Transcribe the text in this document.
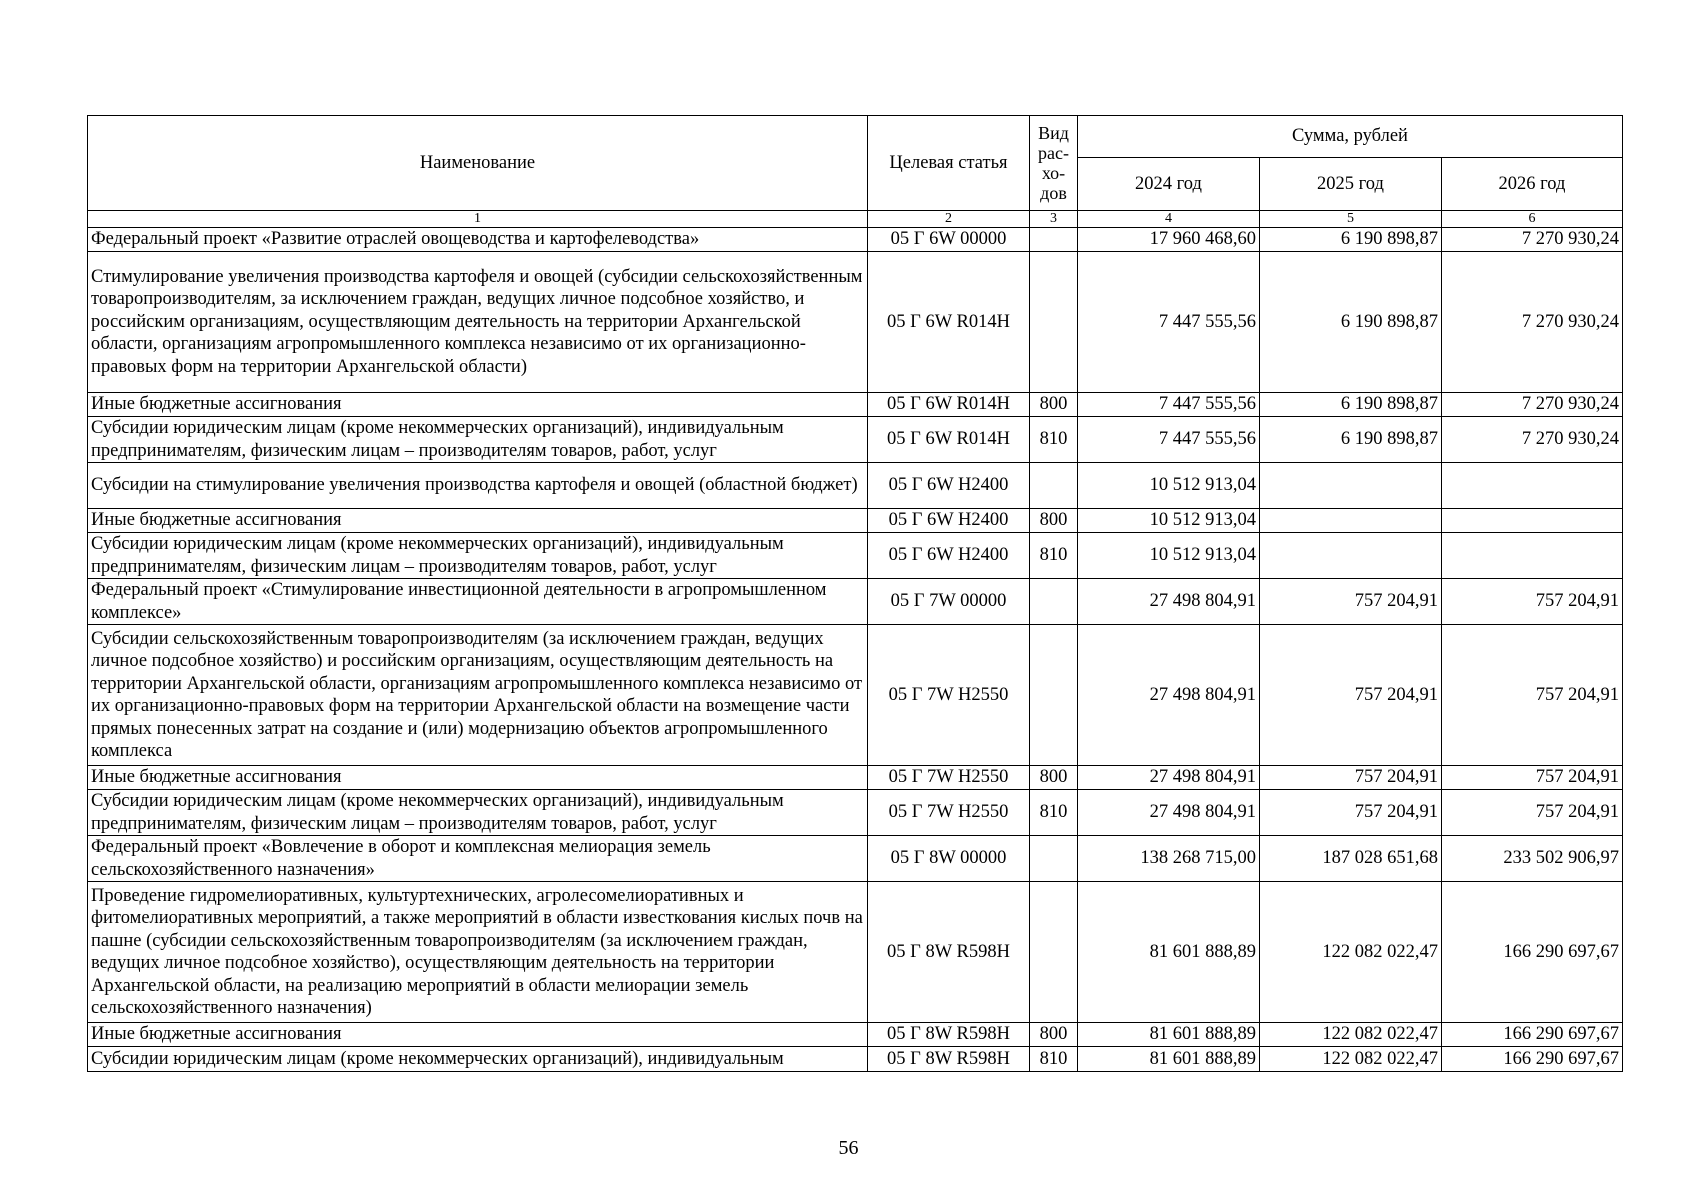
Наименование	Целевая статья	Вид рас-хо-дов	Сумма, рублей		
			2024 год	2025 год	2026 год
1	2	3	4	5	6
Федеральный проект «Развитие отраслей овощеводства и картофелеводства»	05 Г 6W 00000		17 960 468,60	6 190 898,87	7 270 930,24
Стимулирование увеличения производства картофеля и овощей (субсидии сельскохозяйственным товаропроизводителям, за исключением граждан, ведущих личное подсобное хозяйство, и российским организациям, осуществляющим деятельность на территории Архангельской области, организациям агропромышленного комплекса независимо от их организационно-правовых форм на территории Архангельской области)	05 Г 6W R014Н		7 447 555,56	6 190 898,87	7 270 930,24
Иные бюджетные ассигнования	05 Г 6W R014Н	800	7 447 555,56	6 190 898,87	7 270 930,24
Субсидии юридическим лицам (кроме некоммерческих организаций), индивидуальным предпринимателям, физическим лицам – производителям товаров, работ, услуг	05 Г 6W R014Н	810	7 447 555,56	6 190 898,87	7 270 930,24
Субсидии на стимулирование увеличения производства картофеля и овощей (областной бюджет)	05 Г 6W Н2400		10 512 913,04		
Иные бюджетные ассигнования	05 Г 6W Н2400	800	10 512 913,04		
Субсидии юридическим лицам (кроме некоммерческих организаций), индивидуальным предпринимателям, физическим лицам – производителям товаров, работ, услуг	05 Г 6W Н2400	810	10 512 913,04		
Федеральный проект «Стимулирование инвестиционной деятельности в агропромышленном комплексе»	05 Г 7W 00000		27 498 804,91	757 204,91	757 204,91
Субсидии сельскохозяйственным товаропроизводителям (за исключением граждан, ведущих личное подсобное хозяйство) и российским организациям, осуществляющим деятельность на территории Архангельской области, организациям агропромышленного комплекса независимо от их организационно-правовых форм на территории Архангельской области на возмещение части прямых понесенных затрат на создание и (или) модернизацию объектов агропромышленного комплекса	05 Г 7W Н2550		27 498 804,91	757 204,91	757 204,91
Иные бюджетные ассигнования	05 Г 7W Н2550	800	27 498 804,91	757 204,91	757 204,91
Субсидии юридическим лицам (кроме некоммерческих организаций), индивидуальным предпринимателям, физическим лицам – производителям товаров, работ, услуг	05 Г 7W Н2550	810	27 498 804,91	757 204,91	757 204,91
Федеральный проект «Вовлечение в оборот и комплексная мелиорация земель сельскохозяйственного назначения»	05 Г 8W 00000		138 268 715,00	187 028 651,68	233 502 906,97
Проведение гидромелиоративных, культуртехнических, агролесомелиоративных и фитомелиоративных мероприятий, а также мероприятий в области известкования кислых почв на пашне (субсидии сельскохозяйственным товаропроизводителям (за исключением граждан, ведущих личное подсобное хозяйство), осуществляющим деятельность на территории Архангельской области, на реализацию мероприятий в области мелиорации земель сельскохозяйственного назначения)	05 Г 8W R598Н		81 601 888,89	122 082 022,47	166 290 697,67
Иные бюджетные ассигнования	05 Г 8W R598Н	800	81 601 888,89	122 082 022,47	166 290 697,67
Субсидии юридическим лицам (кроме некоммерческих организаций), индивидуальным	05 Г 8W R598Н	810	81 601 888,89	122 082 022,47	166 290 697,67
56
